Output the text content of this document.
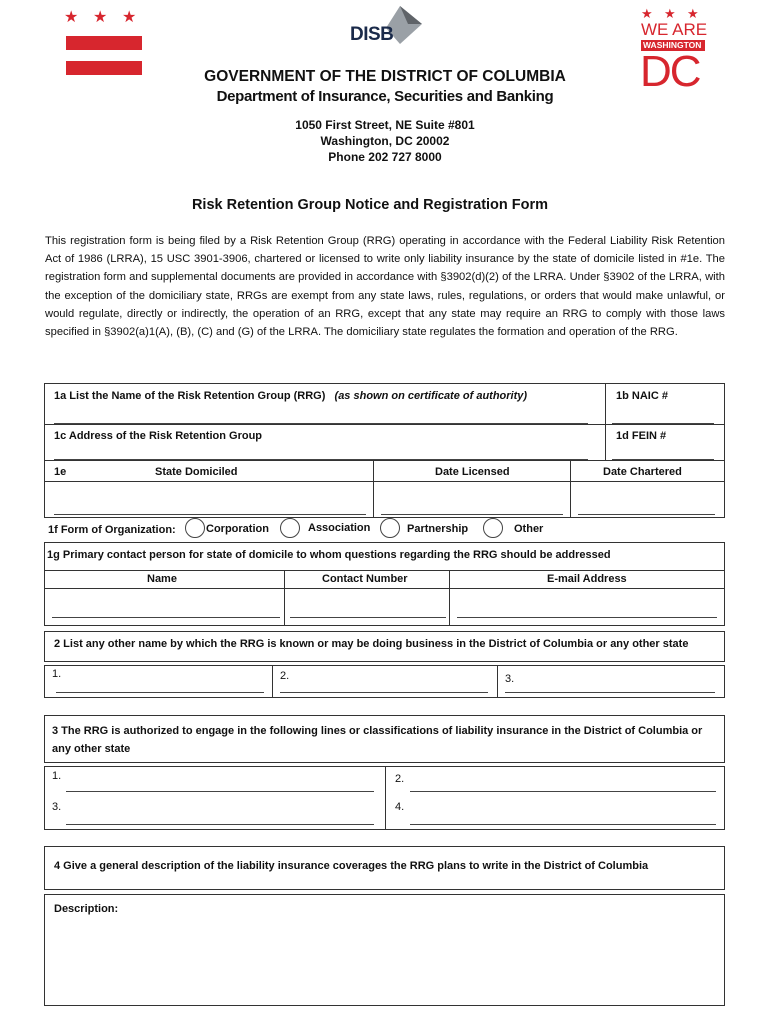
★ ★ ★
DISB
★ ★ ★
WE ARE
WASHINGTON
DC
GOVERNMENT OF THE DISTRICT OF COLUMBIA
Department of Insurance, Securities and Banking
1050 First Street, NE Suite #801
Washington, DC 20002
Phone 202 727 8000
Risk Retention Group Notice and Registration Form

This registration form is being filed by a Risk Retention Group (RRG) operating in accordance with the Federal Liability Risk Retention Act of 1986 (LRRA), 15 USC 3901-3906, chartered or licensed to write only liability insurance by the state of domicile listed in #1e. The registration form and supplemental documents are provided in accordance with §3902(d)(2) of the LRRA. Under §3902 of the LRRA, with the exception of the domiciliary state, RRGs are exempt from any state laws, rules, regulations, or orders that would make unlawful, or would regulate, directly or indirectly, the operation of an RRG, except that any state may require an RRG to comply with those laws specified in §3902(a)1(A), (B), (C) and (G) of the LRRA. The domiciliary state regulates the formation and operation of the RRG.

1a List the Name of the Risk Retention Group (RRG) (as shown on certificate of authority)	1b NAIC #
1c Address of the Risk Retention Group	1d FEIN #
1e	State Domiciled	Date Licensed	Date Chartered
1f Form of Organization:	Corporation	Association	Partnership	Other
1g Primary contact person for state of domicile to whom questions regarding the RRG should be addressed
Name	Contact Number	E-mail Address
2 List any other name by which the RRG is known or may be doing business in the District of Columbia or any other state
1.	2.	3.
3 The RRG is authorized to engage in the following lines or classifications of liability insurance in the District of Columbia or any other state
1.	2.
3.	4.
4 Give a general description of the liability insurance coverages the RRG plans to write in the District of Columbia
Description:
